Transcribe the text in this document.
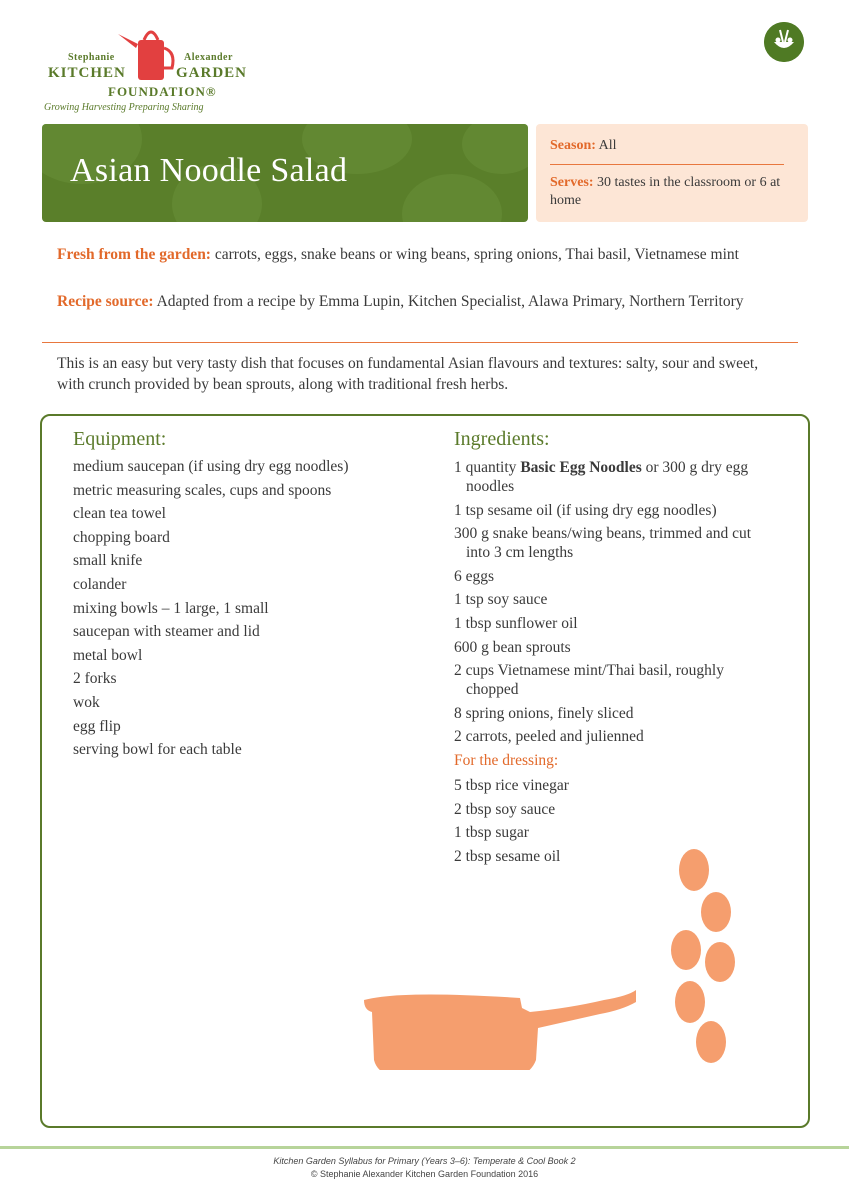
Stephanie	Alexander
KITCHEN	GARDEN
FOUNDATION®
Growing Harvesting Preparing Sharing
Asian Noodle Salad
Season: All
Serves: 30 tastes in the classroom or 6 at home
Fresh from the garden: carrots, eggs, snake beans or wing beans, spring onions, Thai basil, Vietnamese mint
Recipe source: Adapted from a recipe by Emma Lupin, Kitchen Specialist, Alawa Primary, Northern Territory
This is an easy but very tasty dish that focuses on fundamental Asian flavours and textures: salty, sour and sweet, with crunch provided by bean sprouts, along with traditional fresh herbs.
Equipment:
medium saucepan (if using dry egg noodles)
metric measuring scales, cups and spoons
clean tea towel
chopping board
small knife
colander
mixing bowls – 1 large, 1 small
saucepan with steamer and lid
metal bowl
2 forks
wok
egg flip
serving bowl for each table
Ingredients:
1 quantity Basic Egg Noodles or 300 g dry egg noodles
1 tsp sesame oil (if using dry egg noodles)
300 g snake beans/wing beans, trimmed and cut into 3 cm lengths
6 eggs
1 tsp soy sauce
1 tbsp sunflower oil
600 g bean sprouts
2 cups Vietnamese mint/Thai basil, roughly chopped
8 spring onions, finely sliced
2 carrots, peeled and julienned
For the dressing:
5 tbsp rice vinegar
2 tbsp soy sauce
1 tbsp sugar
2 tbsp sesame oil
Kitchen Garden Syllabus for Primary (Years 3–6): Temperate & Cool Book 2
© Stephanie Alexander Kitchen Garden Foundation 2016
